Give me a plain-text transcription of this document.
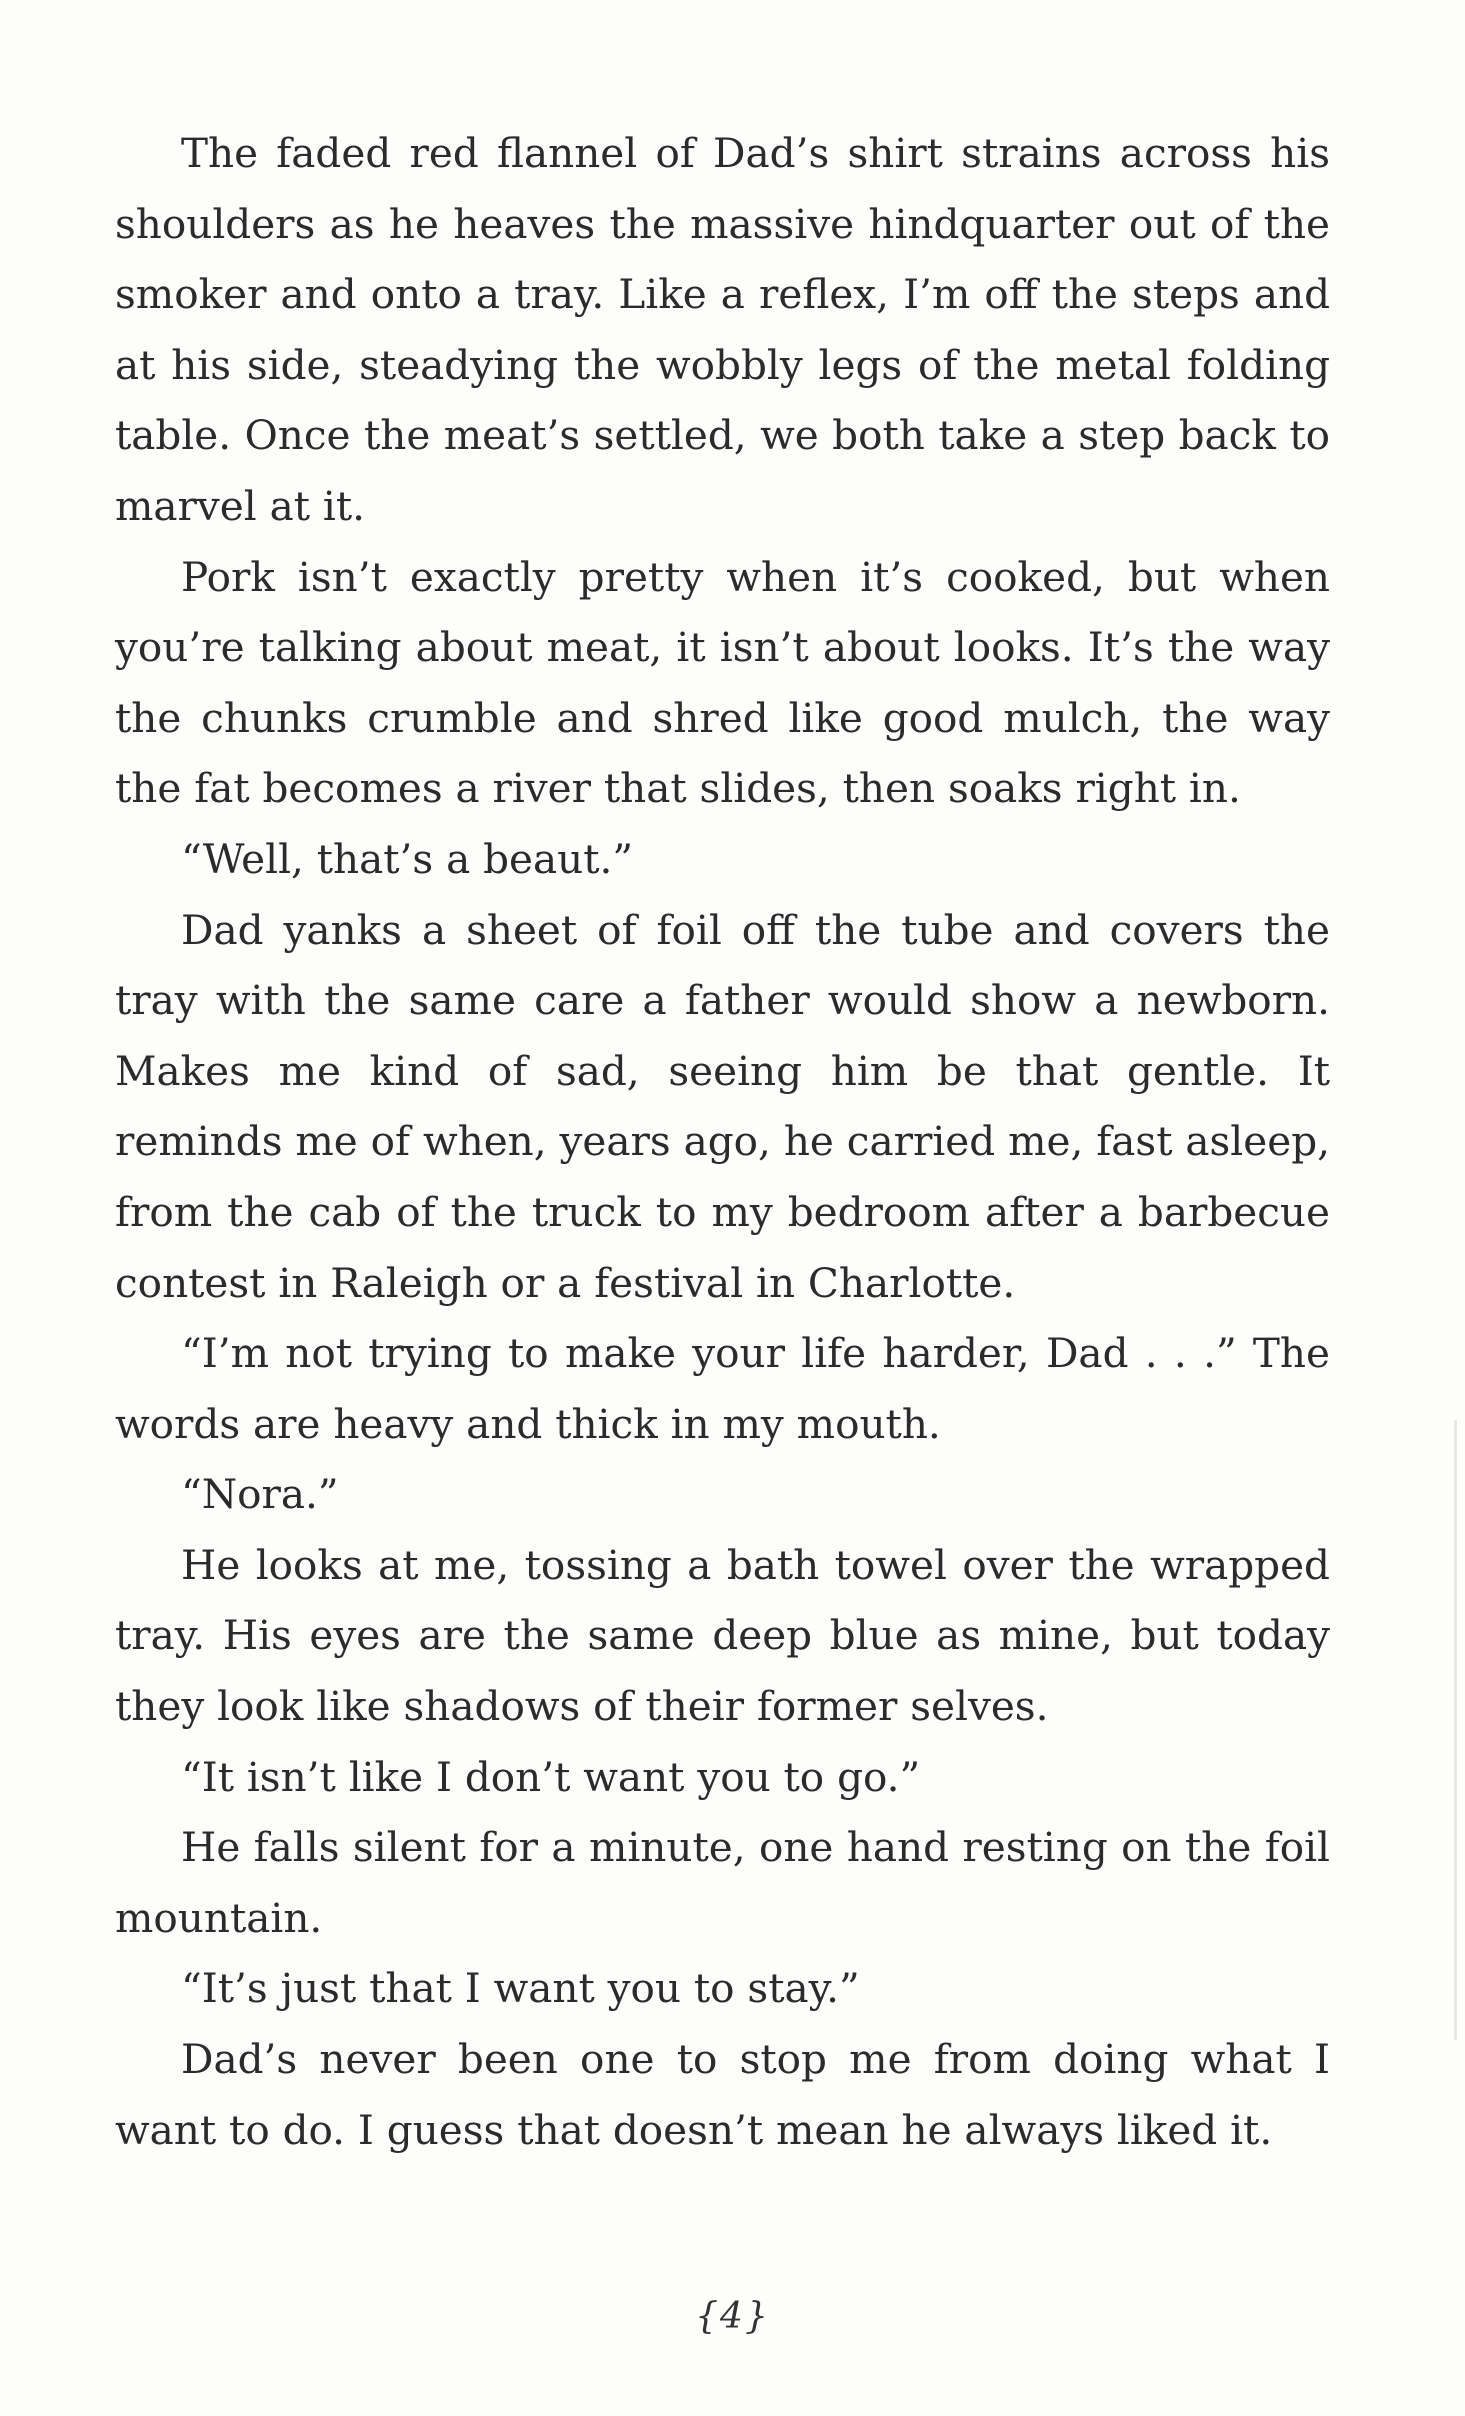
The faded red flannel of Dad’s shirt strains across his shoulders as he heaves the massive hindquarter out of the smoker and onto a tray. Like a reflex, I’m off the steps and at his side, steadying the wobbly legs of the metal folding table. Once the meat’s settled, we both take a step back to marvel at it.

Pork isn’t exactly pretty when it’s cooked, but when you’re talking about meat, it isn’t about looks. It’s the way the chunks crumble and shred like good mulch, the way the fat becomes a river that slides, then soaks right in.

“Well, that’s a beaut.”

Dad yanks a sheet of foil off the tube and covers the tray with the same care a father would show a newborn. Makes me kind of sad, seeing him be that gentle. It reminds me of when, years ago, he carried me, fast asleep, from the cab of the truck to my bedroom after a barbecue contest in Raleigh or a festival in Charlotte.

“I’m not trying to make your life harder, Dad . . .” The words are heavy and thick in my mouth.

“Nora.”

He looks at me, tossing a bath towel over the wrapped tray. His eyes are the same deep blue as mine, but today they look like shadows of their former selves.

“It isn’t like I don’t want you to go.”

He falls silent for a minute, one hand resting on the foil mountain.

“It’s just that I want you to stay.”

Dad’s never been one to stop me from doing what I want to do. I guess that doesn’t mean he always liked it.

{4}
